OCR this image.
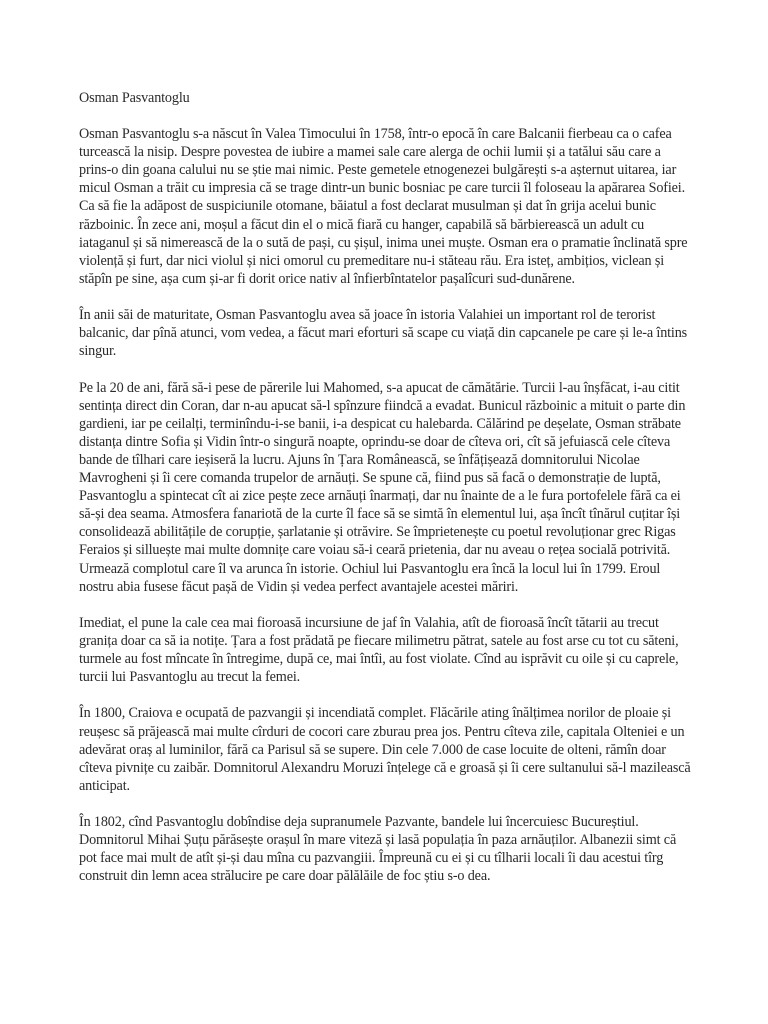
Osman Pasvantoglu

Osman Pasvantoglu s-a născut în Valea Timocului în 1758, într-o epocă în care Balcanii fierbeau ca o cafea turcească la nisip. Despre povestea de iubire a mamei sale care alerga de ochii lumii și a tatălui său care a prins-o din goana calului nu se știe mai nimic. Peste gemetele etnogenezei bulgărești s-a așternut uitarea, iar micul Osman a trăit cu impresia că se trage dintr-un bunic bosniac pe care turcii îl foloseau la apărarea Sofiei. Ca să fie la adăpost de suspiciunile otomane, băiatul a fost declarat musulman și dat în grija acelui bunic războinic. În zece ani, moșul a făcut din el o mică fiară cu hanger, capabilă să bărbierească un adult cu iataganul și să nimerească de la o sută de pași, cu șișul, inima unei muște. Osman era o pramatie înclinată spre violență și furt, dar nici violul și nici omorul cu premeditare nu-i stăteau rău. Era isteț, ambițios, viclean și stăpîn pe sine, așa cum și-ar fi dorit orice nativ al înfierbîntatelor pașalîcuri sud-dunărene.

În anii săi de maturitate, Osman Pasvantoglu avea să joace în istoria Valahiei un important rol de terorist balcanic, dar pînă atunci, vom vedea, a făcut mari eforturi să scape cu viață din capcanele pe care și le-a întins singur.

Pe la 20 de ani, fără să-i pese de părerile lui Mahomed, s-a apucat de cămătărie. Turcii l-au înșfăcat, i-au citit sentința direct din Coran, dar n-au apucat să-l spînzure fiindcă a evadat. Bunicul războinic a mituit o parte din gardieni, iar pe ceilalți, terminîndu-i-se banii, i-a despicat cu halebarda. Călărind pe deșelate, Osman străbate distanța dintre Sofia și Vidin într-o singură noapte, oprindu-se doar de cîteva ori, cît să jefuiască cele cîteva bande de tîlhari care ieșiseră la lucru. Ajuns în Țara Românească, se înfățișează domnitorului Nicolae Mavrogheni și îi cere comanda trupelor de arnăuți. Se spune că, fiind pus să facă o demonstrație de luptă, Pasvantoglu a spintecat cît ai zice pește zece arnăuți înarmați, dar nu înainte de a le fura portofelele fără ca ei să-și dea seama. Atmosfera fanariotă de la curte îl face să se simtă în elementul lui, așa încît tînărul cuțitar își consolidează abilitățile de corupție, șarlatanie și otrăvire. Se împrietenește cu poetul revoluționar grec Rigas Feraios și silluește mai multe domnițe care voiau să-i ceară prietenia, dar nu aveau o rețea socială potrivită. Urmează complotul care îl va arunca în istorie. Ochiul lui Pasvantoglu era încă la locul lui în 1799. Eroul nostru abia fusese făcut pașă de Vidin și vedea perfect avantajele acestei măriri.

Imediat, el pune la cale cea mai fioroasă incursiune de jaf în Valahia, atît de fioroasă încît tătarii au trecut granița doar ca să ia notițe. Țara a fost prădată pe fiecare milimetru pătrat, satele au fost arse cu tot cu săteni, turmele au fost mîncate în întregime, după ce, mai întîi, au fost violate. Cînd au isprăvit cu oile și cu caprele, turcii lui Pasvantoglu au trecut la femei.

În 1800, Craiova e ocupată de pazvangii și incendiată complet. Flăcările ating înălțimea norilor de ploaie și reușesc să prăjească mai multe cîrduri de cocori care zburau prea jos. Pentru cîteva zile, capitala Olteniei e un adevărat oraș al luminilor, fără ca Parisul să se supere. Din cele 7.000 de case locuite de olteni, rămîn doar cîteva pivnițe cu zaibăr. Domnitorul Alexandru Moruzi înțelege că e groasă și îi cere sultanului să-l mazilească anticipat.

În 1802, cînd Pasvantoglu dobîndise deja supranumele Pazvante, bandele lui încercuiesc Bucureștiul. Domnitorul Mihai Șuțu părăsește orașul în mare viteză și lasă populația în paza arnăuților. Albanezii simt că pot face mai mult de atît și-și dau mîna cu pazvangiii. Împreună cu ei și cu tîlharii locali îi dau acestui tîrg construit din lemn acea strălucire pe care doar pălălăile de foc știu s-o dea.
